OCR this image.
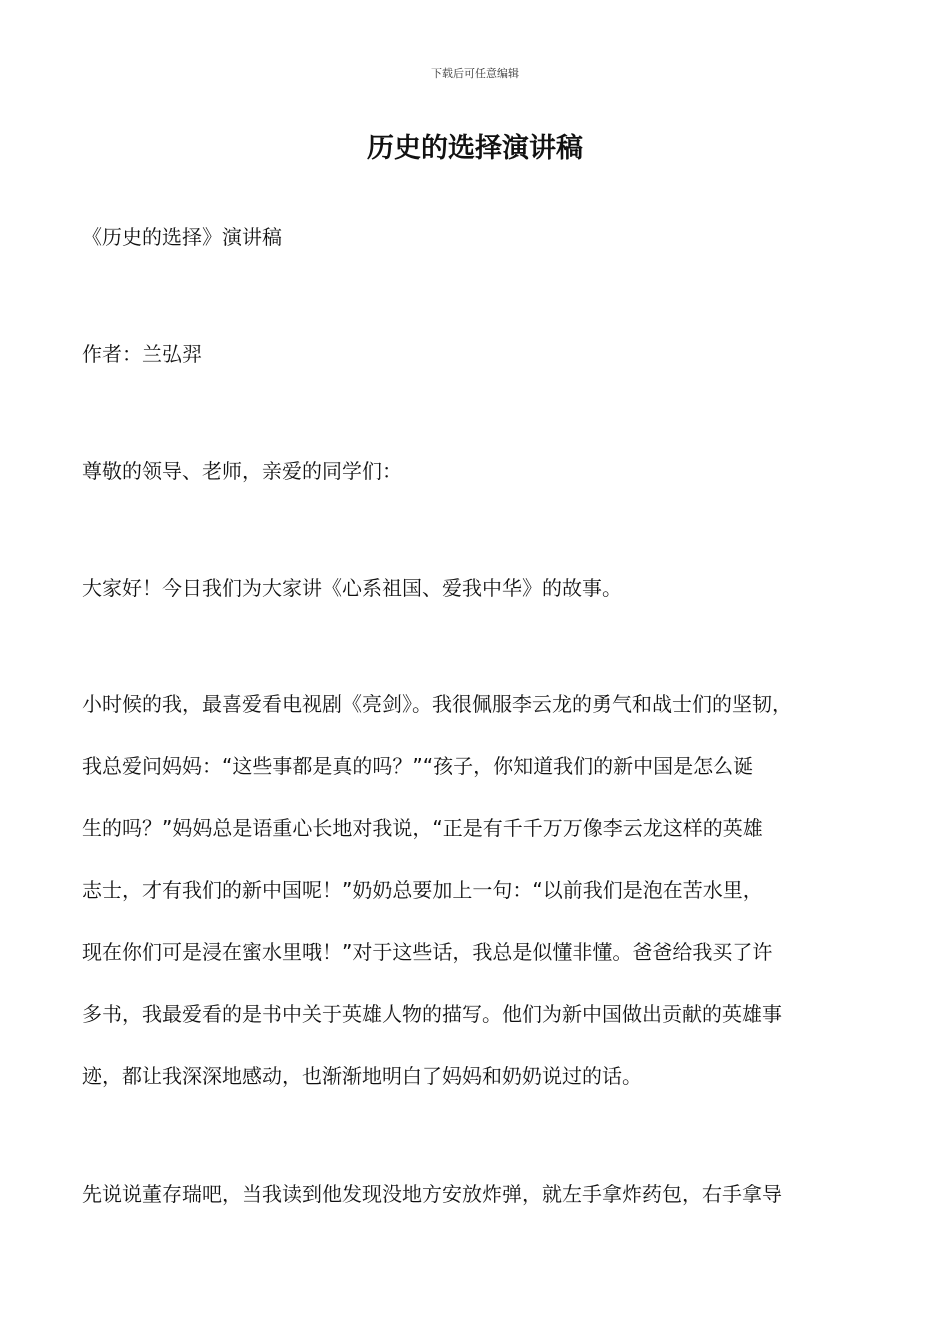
下载后可任意编辑
历史的选择演讲稿

《历史的选择》演讲稿

作者：兰弘羿

尊敬的领导、老师，亲爱的同学们：

大家好！今日我们为大家讲《心系祖国、爱我中华》的故事。

小时候的我，最喜爱看电视剧《亮剑》。我很佩服李云龙的勇气和战士们的坚韧，
我总爱问妈妈：“这些事都是真的吗？”“孩子，你知道我们的新中国是怎么诞
生的吗？”妈妈总是语重心长地对我说，“正是有千千万万像李云龙这样的英雄
志士，才有我们的新中国呢！”奶奶总要加上一句：“以前我们是泡在苦水里，
现在你们可是浸在蜜水里哦！”对于这些话，我总是似懂非懂。爸爸给我买了许
多书，我最爱看的是书中关于英雄人物的描写。他们为新中国做出贡献的英雄事
迹，都让我深深地感动，也渐渐地明白了妈妈和奶奶说过的话。

先说说董存瑞吧，当我读到他发现没地方安放炸弹，就左手拿炸药包，右手拿导
